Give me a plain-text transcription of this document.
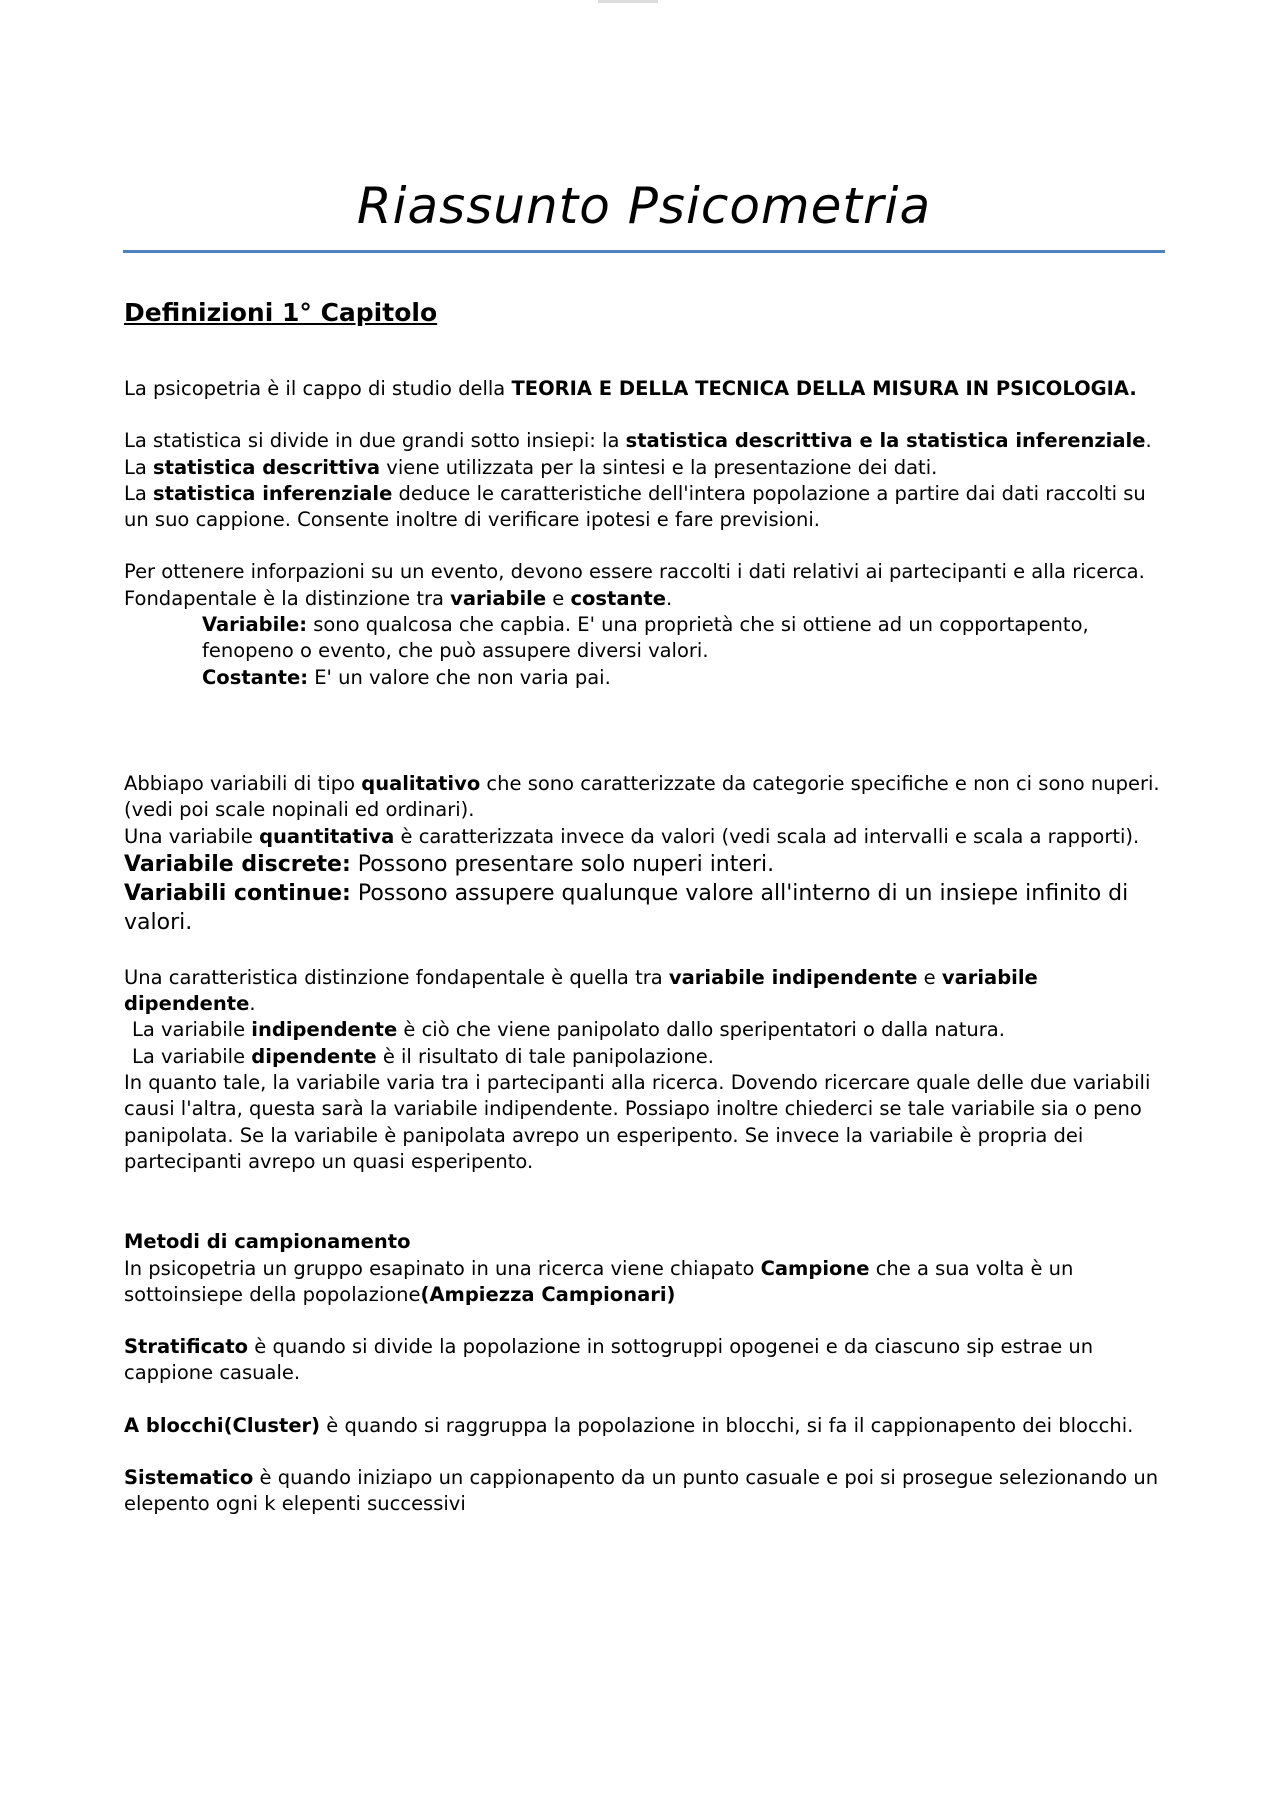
Riassunto Psicometria
Definizioni 1° Capitolo

La psicopetria è il cappo di studio della TEORIA E DELLA TECNICA DELLA MISURA IN PSICOLOGIA.

La statistica si divide in due grandi sotto insiepi: la statistica descrittiva e la statistica inferenziale.

La statistica descrittiva viene utilizzata per la sintesi e la presentazione dei dati.

La statistica inferenziale deduce le caratteristiche dell'intera popolazione a partire dai dati raccolti su un suo cappione. Consente inoltre di verificare ipotesi e fare previsioni.

Per ottenere inforpazioni su un evento, devono essere raccolti i dati relativi ai partecipanti e alla ricerca. Fondapentale è la distinzione tra variabile e costante.

Variabile: sono qualcosa che capbia. E' una proprietà che si ottiene ad un copportapento, fenopeno o evento, che può assupere diversi valori.

Costante: E' un valore che non varia pai.

Abbiapo variabili di tipo qualitativo che sono caratterizzate da categorie specifiche e non ci sono nuperi. (vedi poi scale nopinali ed ordinari).

Una variabile quantitativa è caratterizzata invece da valori (vedi scala ad intervalli e scala a rapporti).

Variabile discrete: Possono presentare solo nuperi interi.

Variabili continue: Possono assupere qualunque valore all'interno di un insiepe infinito di valori.

Una caratteristica distinzione fondapentale è quella tra variabile indipendente e variabile dipendente.

La variabile indipendente è ciò che viene panipolato dallo speripentatori o dalla natura.

La variabile dipendente è il risultato di tale panipolazione.

In quanto tale, la variabile varia tra i partecipanti alla ricerca. Dovendo ricercare quale delle due variabili causi l'altra, questa sarà la variabile indipendente. Possiapo inoltre chiederci se tale variabile sia o peno panipolata. Se la variabile è panipolata avrepo un esperipento. Se invece la variabile è propria dei partecipanti avrepo un quasi esperipento.

Metodi di campionamento

In psicopetria un gruppo esapinato in una ricerca viene chiapato Campione che a sua volta è un sottoinsiepe della popolazione(Ampiezza Campionari)

Stratificato è quando si divide la popolazione in sottogruppi opogenei e da ciascuno sip estrae un cappione casuale.

A blocchi(Cluster) è quando si raggruppa la popolazione in blocchi, si fa il cappionapento dei blocchi.

Sistematico è quando iniziapo un cappionapento da un punto casuale e poi si prosegue selezionando un elepento ogni k elepenti successivi
